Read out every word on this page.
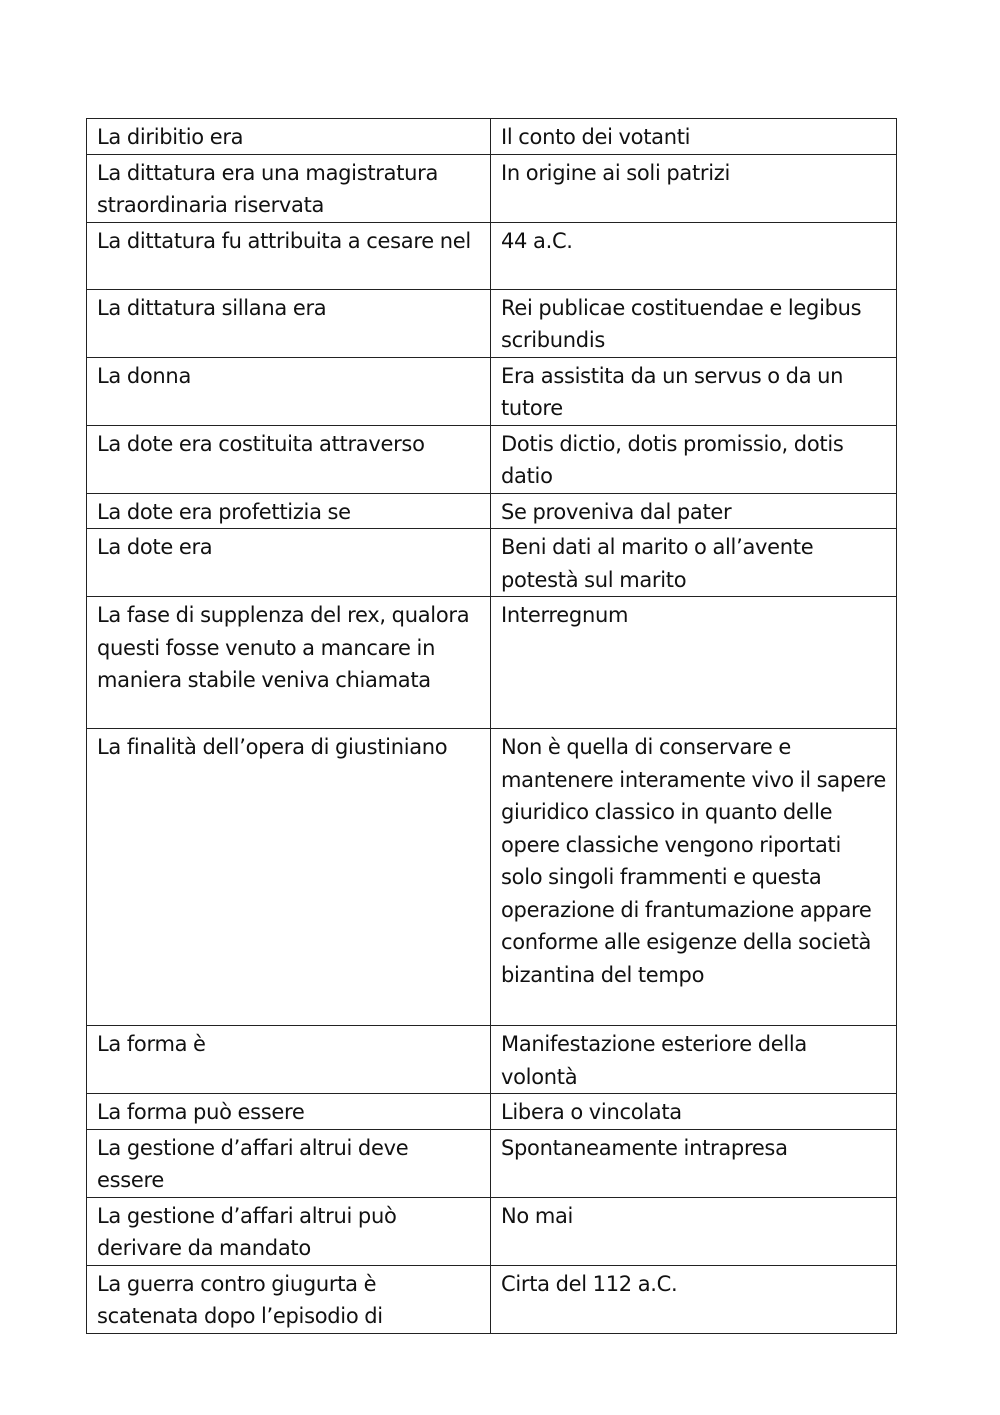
La diribitio era	Il conto dei votanti
La dittatura era una magistratura straordinaria riservata	In origine ai soli patrizi
La dittatura fu attribuita a cesare nel	44 a.C.
La dittatura sillana era	Rei publicae costituendae e legibus scribundis
La donna	Era assistita da un servus o da un tutore
La dote era costituita attraverso	Dotis dictio, dotis promissio, dotis datio
La dote era profettizia se	Se proveniva dal pater
La dote era	Beni dati al marito o all’avente potestà sul marito
La fase di supplenza del rex, qualora questi fosse venuto a mancare in maniera stabile veniva chiamata	Interregnum
La finalità dell’opera di giustiniano	Non è quella di conservare e mantenere interamente vivo il sapere giuridico classico in quanto delle opere classiche vengono riportati solo singoli frammenti e questa operazione di frantumazione appare conforme alle esigenze della società bizantina del tempo
La forma è	Manifestazione esteriore della volontà
La forma può essere	Libera o vincolata
La gestione d’affari altrui deve essere	Spontaneamente intrapresa
La gestione d’affari altrui può derivare da mandato	No mai
La guerra contro giugurta è scatenata dopo l’episodio di	Cirta del 112 a.C.
